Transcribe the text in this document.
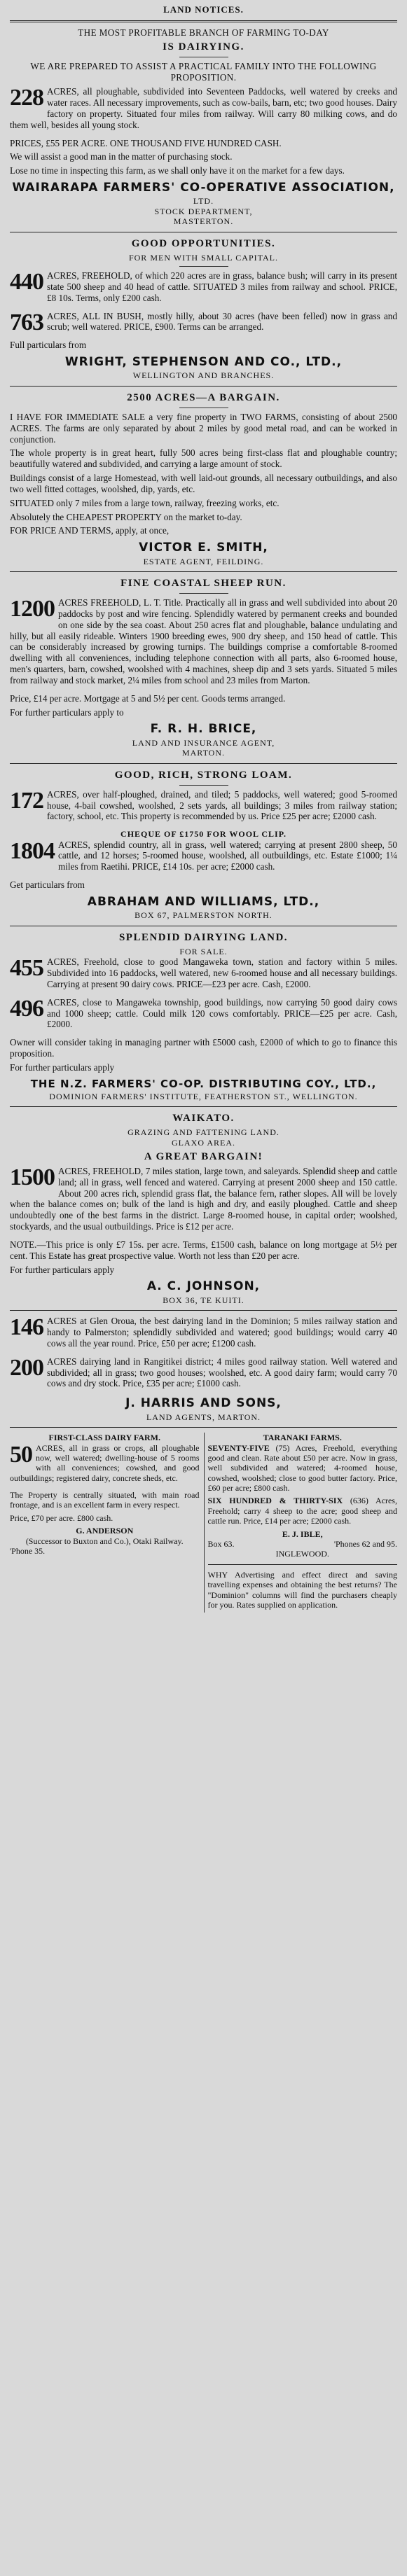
LAND NOTICES.
THE MOST PROFITABLE BRANCH OF FARMING TO-DAY
IS DAIRYING.

WE ARE PREPARED TO ASSIST A PRACTICAL FAMILY INTO THE FOLLOWING PROPOSITION.

228 ACRES, all ploughable, subdivided into Seventeen Paddocks, well watered by creeks and water races. All necessary improvements, such as cow-bails, barn, etc; two good houses. Dairy factory on property. Situated four miles from railway. Will carry 80 milking cows, and do them well, besides all young stock.

PRICES, £55 PER ACRE. ONE THOUSAND FIVE HUNDRED CASH.

We will assist a good man in the matter of purchasing stock.

Lose no time in inspecting this farm, as we shall only have it on the market for a few days.

WAIRARAPA FARMERS' CO-OPERATIVE ASSOCIATION,
LTD.
STOCK DEPARTMENT,
MASTERTON.
GOOD OPPORTUNITIES.
FOR MEN WITH SMALL CAPITAL.
440 ACRES, FREEHOLD, of which 220 acres are in grass, balance bush; will carry in its present state 500 sheep and 40 head of cattle. SITUATED 3 miles from railway and school. PRICE, £8 10s. Terms, only £200 cash.

763 ACRES, ALL IN BUSH, mostly hilly, about 30 acres (have been felled) now in grass and scrub; well watered. PRICE, £900. Terms can be arranged.

Full particulars from

WRIGHT, STEPHENSON AND CO., LTD.,
WELLINGTON AND BRANCHES.
2500 ACRES—A BARGAIN.

I HAVE FOR IMMEDIATE SALE a very fine property in TWO FARMS, consisting of about 2500 ACRES. The farms are only separated by about 2 miles by good metal road, and can be worked in conjunction.

The whole property is in great heart, fully 500 acres being first-class flat and ploughable country; beautifully watered and subdivided, and carrying a large amount of stock.

Buildings consist of a large Homestead, with well laid-out grounds, all necessary outbuildings, and also two well fitted cottages, woolshed, dip, yards, etc.

SITUATED only 7 miles from a large town, railway, freezing works, etc.

Absolutely the CHEAPEST PROPERTY on the market to-day.

FOR PRICE AND TERMS, apply, at once,

VICTOR E. SMITH,
ESTATE AGENT, FEILDING.
FINE COASTAL SHEEP RUN.
1200 ACRES FREEHOLD, L. T. Title. Practically all in grass and well subdivided into about 20 paddocks by post and wire fencing. Splendidly watered by permanent creeks and bounded on one side by the sea coast. About 250 acres flat and ploughable, balance undulating and hilly, but all easily rideable. Winters 1900 breeding ewes, 900 dry sheep, and 150 head of cattle. This can be considerably increased by growing turnips. The buildings comprise a comfortable 8-roomed dwelling with all conveniences, including telephone connection with all parts, also 6-roomed house, men's quarters, barn, cowshed, woolshed with 4 machines, sheep dip and 3 sets yards. Situated 5 miles from railway and stock market, 2¼ miles from school and 23 miles from Marton.

Price, £14 per acre. Mortgage at 5 and 5½ per cent. Goods terms arranged.

For further particulars apply to

F. R. H. BRICE,
LAND AND INSURANCE AGENT,
MARTON.
GOOD, RICH, STRONG LOAM.
172 ACRES, over half-ploughed, drained, and tiled; 5 paddocks, well watered; good 5-roomed house, 4-bail cowshed, woolshed, 2 sets yards, all buildings; 3 miles from railway station; factory, school, etc. This property is recommended by us. Price £25 per acre; £2000 cash.

CHEQUE OF £1750 FOR WOOL CLIP.
1804 ACRES, splendid country, all in grass, well watered; carrying at present 2800 sheep, 50 cattle, and 12 horses; 5-roomed house, woolshed, all outbuildings, etc. Estate £1000; 1¼ miles from Raetihi. PRICE, £14 10s. per acre; £2000 cash.

Get particulars from

ABRAHAM AND WILLIAMS, LTD.,
BOX 67, PALMERSTON NORTH.
SPLENDID DAIRYING LAND.
FOR SALE.
455 ACRES, Freehold, close to good Mangaweka town, station and factory within 5 miles. Subdivided into 16 paddocks, well watered, new 6-roomed house and all necessary buildings. Carrying at present 90 dairy cows. PRICE—£23 per acre. Cash, £2000.

496 ACRES, close to Mangaweka township, good buildings, now carrying 50 good dairy cows and 1000 sheep; cattle. Could milk 120 cows comfortably. PRICE—£25 per acre. Cash, £2000.

Owner will consider taking in managing partner with £5000 cash, £2000 of which to go to finance this proposition.

For further particulars apply

THE N.Z. FARMERS' CO-OP. DISTRIBUTING COY., LTD.,
DOMINION FARMERS' INSTITUTE, FEATHERSTON ST., WELLINGTON.
WAIKATO.
GRAZING AND FATTENING LAND.
GLAXO AREA.
A GREAT BARGAIN!
1500 ACRES, FREEHOLD, 7 miles station, large town, and saleyards. Splendid sheep and cattle land; all in grass, well fenced and watered. Carrying at present 2000 sheep and 150 cattle. About 200 acres rich, splendid grass flat, the balance fern, rather slopes. All will be lovely when the balance comes on; bulk of the land is high and dry, and easily ploughed. Cattle and sheep undoubtedly one of the best farms in the district. Large 8-roomed house, in capital order; woolshed, stockyards, and the usual outbuildings. Price is £12 per acre.

NOTE.—This price is only £7 15s. per acre. Terms, £1500 cash, balance on long mortgage at 5½ per cent. This Estate has great prospective value. Worth not less than £20 per acre.

For further particulars apply

A. C. JOHNSON,
BOX 36, TE KUITI.
146 ACRES at Glen Oroua, the best dairying land in the Dominion; 5 miles railway station and handy to Palmerston; splendidly subdivided and watered; good buildings; would carry 40 cows all the year round. Price, £50 per acre; £1200 cash.

200 ACRES dairying land in Rangitikei district; 4 miles good railway station. Well watered and subdivided; all in grass; two good houses; woolshed, etc. A good dairy farm; would carry 70 cows and dry stock. Price, £35 per acre; £1000 cash.

J. HARRIS AND SONS,
LAND AGENTS, MARTON.
FIRST-CLASS DAIRY FARM.
50 ACRES, all in grass or crops, all ploughable now, well watered; dwelling-house of 5 rooms with all conveniences; cowshed, and good outbuildings; registered dairy, concrete sheds, etc.

The Property is centrally situated, with main road frontage, and is an excellent farm in every respect.

Price, £70 per acre. £800 cash.

G. ANDERSON
(Successor to Buxton and Co.), Otaki Railway.
'Phone 35.
TARANAKI FARMS.

SEVENTY-FIVE (75) Acres, Freehold, everything good and clean. Rate about £50 per acre. Now in grass, well subdivided and watered; 4-roomed house, cowshed, woolshed; close to good butter factory. Price, £60 per acre; £800 cash.

SIX HUNDRED & THIRTY-SIX (636) Acres, Freehold; carry 4 sheep to the acre; good sheep and cattle run. Price, £14 per acre; £2000 cash.

E. J. IBLE,
Box 63.	'Phones 62 and 95.
INGLEWOOD.

WHY Advertising and effect direct and saving travelling expenses and obtaining the best returns? The "Dominion" columns will find the purchasers cheaply for you. Rates supplied on application.
